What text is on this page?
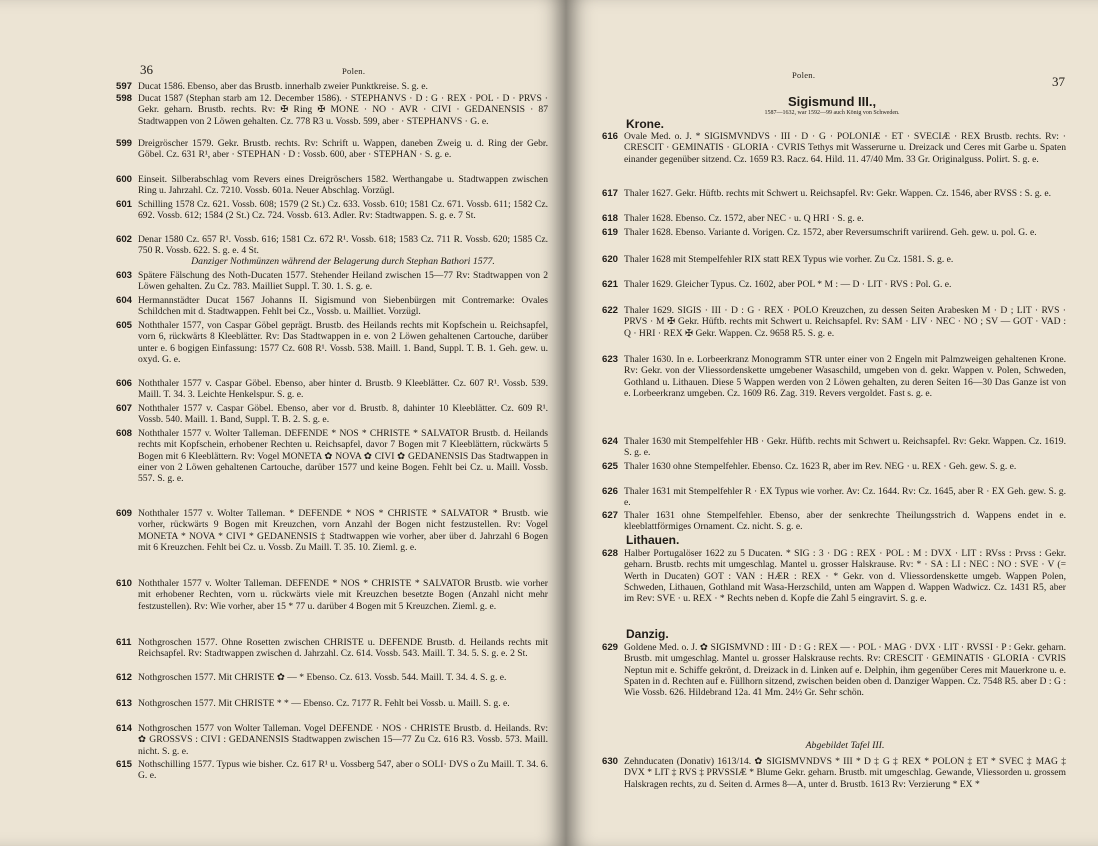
36	Polen.
597 Ducat 1586. Ebenso, aber das Brustb. innerhalb zweier Punktkreise. S. g. e.
598 Ducat 1587 (Stephan starb am 12. December 1586). · STEPHANVS · D : G · REX · POL · D · PRVS · Gekr. geharn. Brustb. rechts. Rv: ✠ Ring ✠ MONE · NO · AVR · CIVI · GEDANENSIS · 87 Stadtwappen von 2 Löwen gehalten. Cz. 778 R3 u. Vossb. 599, aber · STEPHANVS · G. e.
599 Dreigröscher 1579. Gekr. Brustb. rechts. Rv: Schrift u. Wappen, daneben Zweig u. d. Ring der Gebr. Göbel. Cz. 631 R¹, aber · STEPHAN · D : Vossb. 600, aber · STEPHAN · S. g. e.
600 Einseit. Silberabschlag vom Revers eines Dreigröschers 1582. Werthangabe u. Stadtwappen zwischen Ring u. Jahrzahl. Cz. 7210. Vossb. 601a. Neuer Abschlag. Vorzügl.
601 Schilling 1578 Cz. 621. Vossb. 608; 1579 (2 St.) Cz. 633. Vossb. 610; 1581 Cz. 671. Vossb. 611; 1582 Cz. 692. Vossb. 612; 1584 (2 St.) Cz. 724. Vossb. 613. Adler. Rv: Stadtwappen. S. g. e. 7 St.
602 Denar 1580 Cz. 657 R¹. Vossb. 616; 1581 Cz. 672 R¹. Vossb. 618; 1583 Cz. 711 R. Vossb. 620; 1585 Cz. 750 R. Vossb. 622. S. g. e. 4 St.
Danziger Nothmünzen während der Belagerung durch Stephan Bathori 1577.
603 Spätere Fälschung des Noth-Ducaten 1577. Stehender Heiland zwischen 15—77 Rv: Stadtwappen von 2 Löwen gehalten. Zu Cz. 783. Mailliet Suppl. T. 30. 1. S. g. e.
604 Hermannstädter Ducat 1567 Johanns II. Sigismund von Siebenbürgen mit Contremarke: Ovales Schildchen mit d. Stadtwappen. Fehlt bei Cz., Vossb. u. Mailliet. Vorzügl.
605 Noththaler 1577, von Caspar Göbel geprägt. Brustb. des Heilands rechts mit Kopfschein u. Reichsapfel, vorn 6, rückwärts 8 Kleeblätter. Rv: Das Stadtwappen in e. von 2 Löwen gehaltenen Cartouche, darüber unter e. 6 bogigen Einfassung: 1577 Cz. 608 R¹. Vossb. 538. Maill. 1. Band, Suppl. T. B. 1. Geh. gew. u. oxyd. G. e.
606 Noththaler 1577 v. Caspar Göbel. Ebenso, aber hinter d. Brustb. 9 Kleeblätter. Cz. 607 R¹. Vossb. 539. Maill. T. 34. 3. Leichte Henkelspur. S. g. e.
607 Noththaler 1577 v. Caspar Göbel. Ebenso, aber vor d. Brustb. 8, dahinter 10 Kleeblätter. Cz. 609 R¹. Vossb. 540. Maill. 1. Band, Suppl. T. B. 2. S. g. e.
608 Noththaler 1577 v. Wolter Talleman. DEFENDE * NOS * CHRISTE * SALVATOR Brustb. d. Heilands rechts mit Kopfschein, erhobener Rechten u. Reichsapfel, davor 7 Bogen mit 7 Kleeblättern, rückwärts 5 Bogen mit 6 Kleeblättern. Rv: Vogel MONETA ✿ NOVA ✿ CIVI ✿ GEDANENSIS Das Stadtwappen in einer von 2 Löwen gehaltenen Cartouche, darüber 1577 und keine Bogen. Fehlt bei Cz. u. Maill. Vossb. 557. S. g. e.
609 Noththaler 1577 v. Wolter Talleman. * DEFENDE * NOS * CHRISTE * SALVATOR * Brustb. wie vorher, rückwärts 9 Bogen mit Kreuzchen, vorn Anzahl der Bogen nicht festzustellen. Rv: Vogel MONETA * NOVA * CIVI * GEDANENSIS ‡ Stadtwappen wie vorher, aber über d. Jahrzahl 6 Bogen mit 6 Kreuzchen. Fehlt bei Cz. u. Vossb. Zu Maill. T. 35. 10. Zieml. g. e.
610 Noththaler 1577 v. Wolter Talleman. DEFENDE * NOS * CHRISTE * SALVATOR Brustb. wie vorher mit erhobener Rechten, vorn u. rückwärts viele mit Kreuzchen besetzte Bogen (Anzahl nicht mehr festzustellen). Rv: Wie vorher, aber 15 * 77 u. darüber 4 Bogen mit 5 Kreuzchen. Zieml. g. e.
611 Nothgroschen 1577. Ohne Rosetten zwischen CHRISTE u. DEFENDE Brustb. d. Heilands rechts mit Reichsapfel. Rv: Stadtwappen zwischen d. Jahrzahl. Cz. 614. Vossb. 543. Maill. T. 34. 5. S. g. e. 2 St.
612 Nothgroschen 1577. Mit CHRISTE ✿ — * Ebenso. Cz. 613. Vossb. 544. Maill. T. 34. 4. S. g. e.
613 Nothgroschen 1577. Mit CHRISTE * * — Ebenso. Cz. 7177 R. Fehlt bei Vossb. u. Maill. S. g. e.
614 Nothgroschen 1577 von Wolter Talleman. Vogel DEFENDE · NOS · CHRISTE Brustb. d. Heilands. Rv: ✿ GROSSVS : CIVI : GEDANENSIS Stadtwappen zwischen 15—77 Zu Cz. 616 R3. Vossb. 573. Maill. nicht. S. g. e.
615 Nothschilling 1577. Typus wie bisher. Cz. 617 R¹ u. Vossberg 547, aber o SOLI· DVS o Zu Maill. T. 34. 6. G. e.
Polen.	37
Sigismund III.,
1587—1632, war 1592—99 auch König von Schweden.
Krone.
616 Ovale Med. o. J. * SIGISMVNDVS · III · D · G · POLONIÆ · ET · SVECIÆ · REX Brustb. rechts. Rv: · CRESCIT · GEMINATIS · GLORIA · CVRIS Tethys mit Wasserurne u. Dreizack und Ceres mit Garbe u. Spaten einander gegenüber sitzend. Cz. 1659 R3. Racz. 64. Hild. 11. 47/40 Mm. 33 Gr. Originalguss. Polirt. S. g. e.
617 Thaler 1627. Gekr. Hüftb. rechts mit Schwert u. Reichsapfel. Rv: Gekr. Wappen. Cz. 1546, aber RVSS : S. g. e.
618 Thaler 1628. Ebenso. Cz. 1572, aber NEC · u. Q HRI · S. g. e.
619 Thaler 1628. Ebenso. Variante d. Vorigen. Cz. 1572, aber Reversumschrift variirend. Geh. gew. u. pol. G. e.
620 Thaler 1628 mit Stempelfehler RIX statt REX Typus wie vorher. Zu Cz. 1581. S. g. e.
621 Thaler 1629. Gleicher Typus. Cz. 1602, aber POL * M : — D · LIT · RVS : Pol. G. e.
622 Thaler 1629. SIGIS · III · D : G · REX · POLO Kreuzchen, zu dessen Seiten Arabesken M · D ; LIT · RVS · PRVS · M ✠ Gekr. Hüftb. rechts mit Schwert u. Reichsapfel. Rv: SAM · LIV · NEC · NO ; SV — GOT · VAD : Q · HRI · REX ✠ Gekr. Wappen. Cz. 9658 R5. S. g. e.
623 Thaler 1630. In e. Lorbeerkranz Monogramm STR unter einer von 2 Engeln mit Palmzweigen gehaltenen Krone. Rv: Gekr. von der Vliessordenskette umgebener Wasaschild, umgeben von d. gekr. Wappen v. Polen, Schweden, Gothland u. Lithauen. Diese 5 Wappen werden von 2 Löwen gehalten, zu deren Seiten 16—30 Das Ganze ist von e. Lorbeerkranz umgeben. Cz. 1609 R6. Zag. 319. Revers vergoldet. Fast s. g. e.
624 Thaler 1630 mit Stempelfehler HB · Gekr. Hüftb. rechts mit Schwert u. Reichsapfel. Rv: Gekr. Wappen. Cz. 1619. S. g. e.
625 Thaler 1630 ohne Stempelfehler. Ebenso. Cz. 1623 R, aber im Rev. NEG · u. REX · Geh. gew. S. g. e.
626 Thaler 1631 mit Stempelfehler R · EX Typus wie vorher. Av: Cz. 1644. Rv: Cz. 1645, aber R · EX Geh. gew. S. g. e.
627 Thaler 1631 ohne Stempelfehler. Ebenso, aber der senkrechte Theilungsstrich d. Wappens endet in e. kleeblattförmiges Ornament. Cz. nicht. S. g. e.
Lithauen.
628 Halber Portugalöser 1622 zu 5 Ducaten. * SIG : 3 · DG : REX · POL : M : DVX · LIT : RVss : Prvss : Gekr. geharn. Brustb. rechts mit umgeschlag. Mantel u. grosser Halskrause. Rv: * · SA : LI : NEC : NO : SVE · V (= Werth in Ducaten) GOT : VAN : HÆR : REX · * Gekr. von d. Vliessordenskette umgeb. Wappen Polen, Schweden, Lithauen, Gothland mit Wasa-Herzschild, unten am Wappen d. Wappen Wadwicz. Cz. 1431 R5, aber im Rev: SVE · u. REX · * Rechts neben d. Kopfe die Zahl 5 eingravirt. S. g. e.
Danzig.
629 Goldene Med. o. J. ✿ SIGISMVND : III · D : G : REX — · POL · MAG · DVX · LIT · RVSSI · P : Gekr. geharn. Brustb. mit umgeschlag. Mantel u. grosser Halskrause rechts. Rv: CRESCIT · GEMINATIS · GLORIA · CVRIS Neptun mit e. Schiffe gekrönt, d. Dreizack in d. Linken auf e. Delphin, ihm gegenüber Ceres mit Mauerkrone u. e. Spaten in d. Rechten auf e. Füllhorn sitzend, zwischen beiden oben d. Danziger Wappen. Cz. 7548 R5. aber D : G : Wie Vossb. 626. Hildebrand 12a. 41 Mm. 24½ Gr. Sehr schön.
Abgebildet Tafel III.
630 Zehnducaten (Donativ) 1613/14. ✿ SIGISMVNDVS * III * D ‡ G ‡ REX * POLON ‡ ET * SVEC ‡ MAG ‡ DVX * LIT ‡ RVS ‡ PRVSSIÆ * Blume Gekr. geharn. Brustb. mit umgeschlag. Gewande, Vliessorden u. grossem Halskragen rechts, zu d. Seiten d. Armes 8—A, unter d. Brustb. 1613 Rv: Verzierung * EX *
